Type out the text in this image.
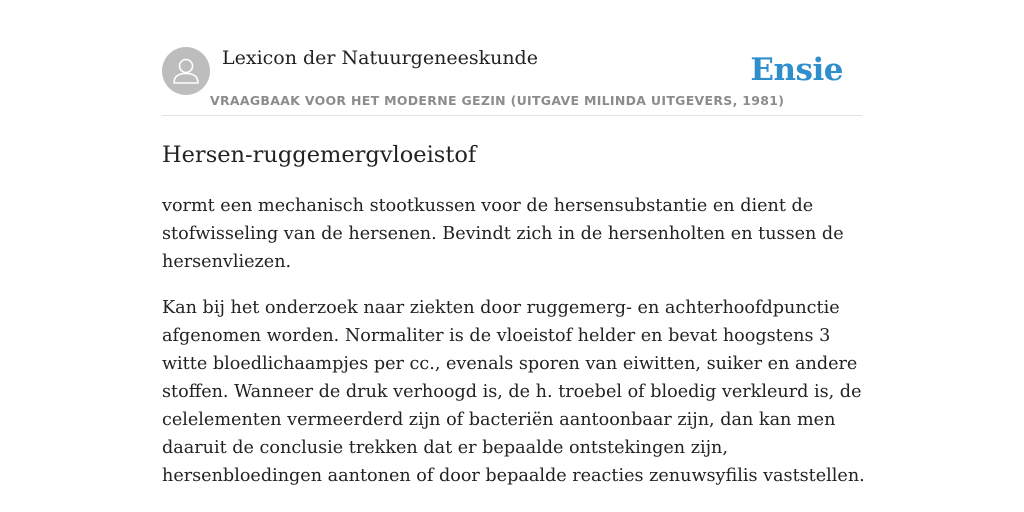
Lexicon der Natuurgeneeskunde
VRAAGBAAK VOOR HET MODERNE GEZIN (UITGAVE MILINDA UITGEVERS, 1981)
Ensie
Hersen-ruggemergvloeistof

vormt een mechanisch stootkussen voor de hersensubstantie en dient de stofwisseling van de hersenen. Bevindt zich in de hersenholten en tussen de hersenvliezen.

Kan bij het onderzoek naar ziekten door ruggemerg- en achterhoofdpunctie afgenomen worden. Normaliter is de vloeistof helder en bevat hoogstens 3 witte bloedlichaampjes per cc., evenals sporen van eiwitten, suiker en andere stoffen. Wanneer de druk verhoogd is, de h. troebel of bloedig verkleurd is, de celelementen vermeerderd zijn of bacteriën aantoonbaar zijn, dan kan men daaruit de conclusie trekken dat er bepaalde ontstekingen zijn, hersenbloedingen aantonen of door bepaalde reacties zenuwsyfilis vaststellen.
